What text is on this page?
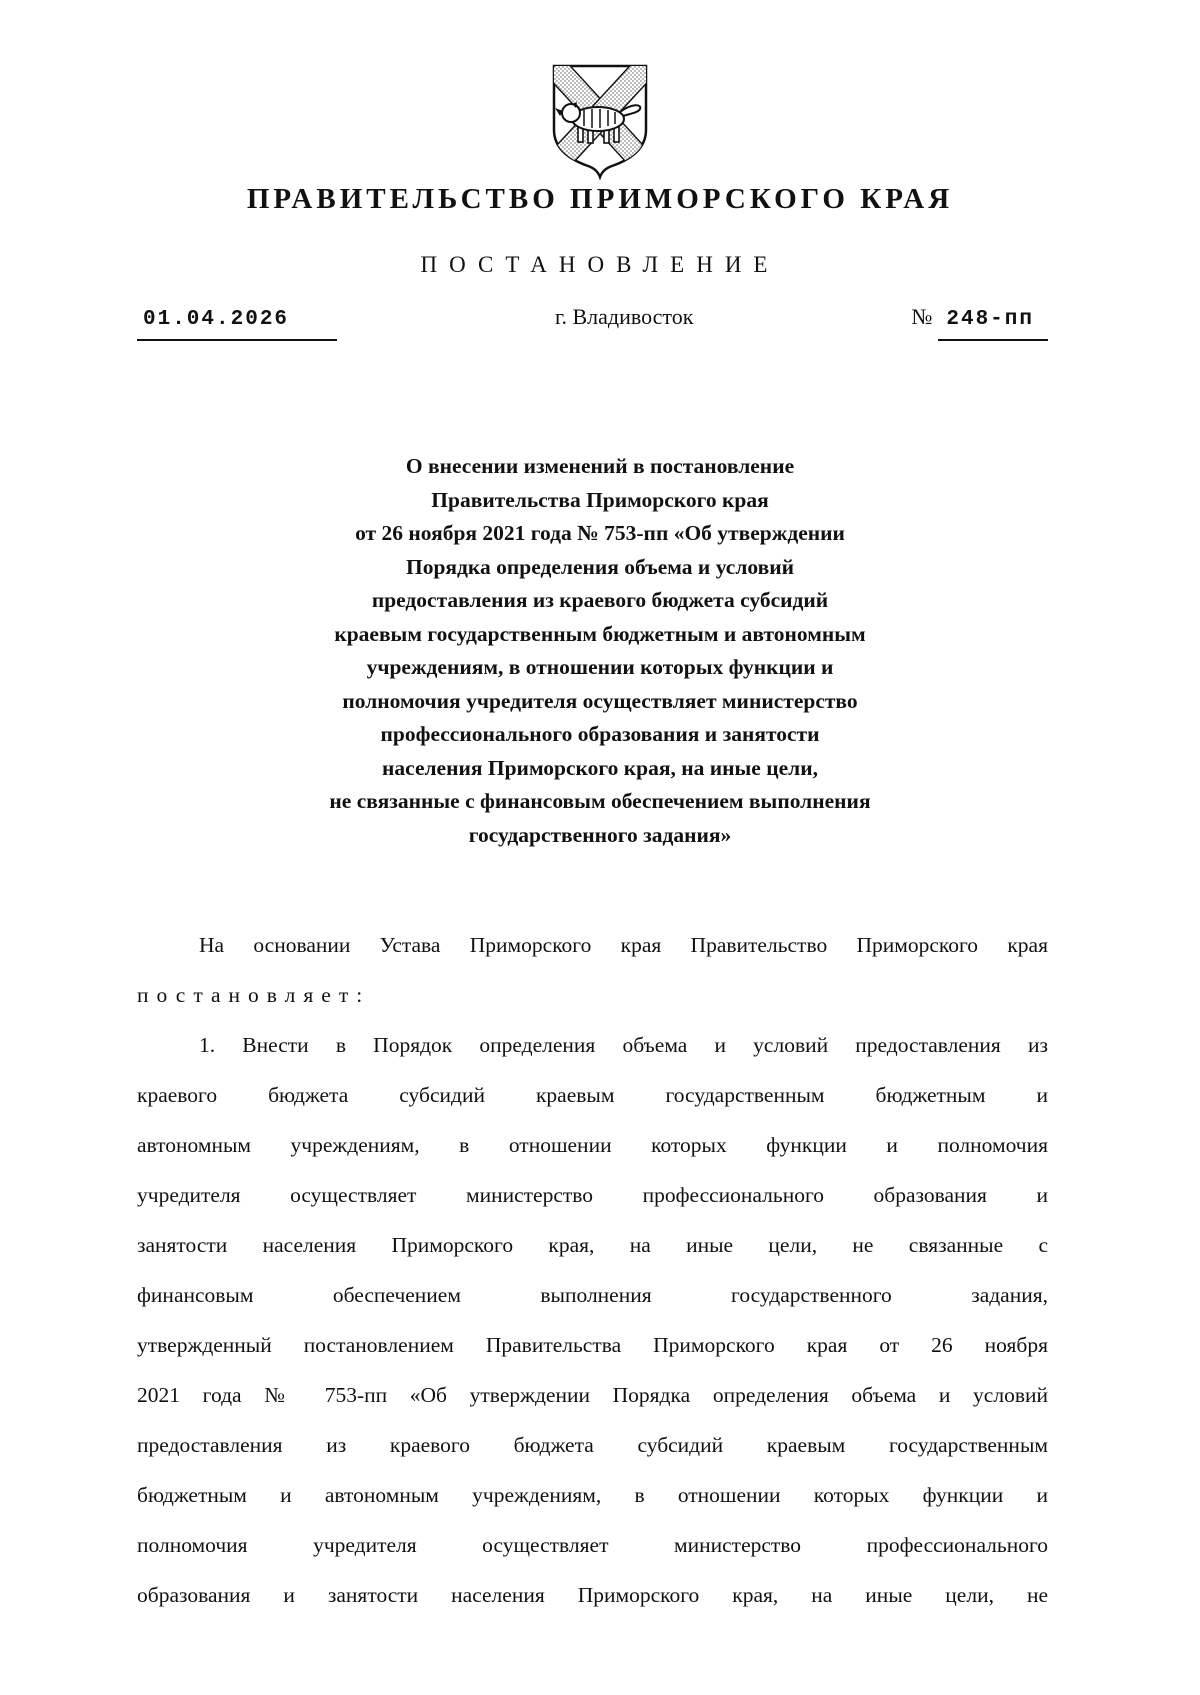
ПРАВИТЕЛЬСТВО ПРИМОРСКОГО КРАЯ
ПОСТАНОВЛЕНИЕ
01.04.2026	г. Владивосток	№ 248-пп
О внесении изменений в постановление
Правительства Приморского края
от 26 ноября 2021 года № 753-пп «Об утверждении
Порядка определения объема и условий
предоставления из краевого бюджета субсидий
краевым государственным бюджетным и автономным
учреждениям, в отношении которых функции и
полномочия учредителя осуществляет министерство
профессионального образования и занятости
населения Приморского края, на иные цели,
не связанные с финансовым обеспечением выполнения
государственного задания»
На основании Устава Приморского края Правительство Приморского края
постановляет:
1. Внести в Порядок определения объема и условий предоставления из
краевого бюджета субсидий краевым государственным бюджетным и
автономным учреждениям, в отношении которых функции и полномочия
учредителя осуществляет министерство профессионального образования и
занятости населения Приморского края, на иные цели, не связанные с
финансовым обеспечением выполнения государственного задания,
утвержденный постановлением Правительства Приморского края от 26 ноября
2021 года № 753-пп «Об утверждении Порядка определения объема и условий
предоставления из краевого бюджета субсидий краевым государственным
бюджетным и автономным учреждениям, в отношении которых функции и
полномочия учредителя осуществляет министерство профессионального
образования и занятости населения Приморского края, на иные цели, не
